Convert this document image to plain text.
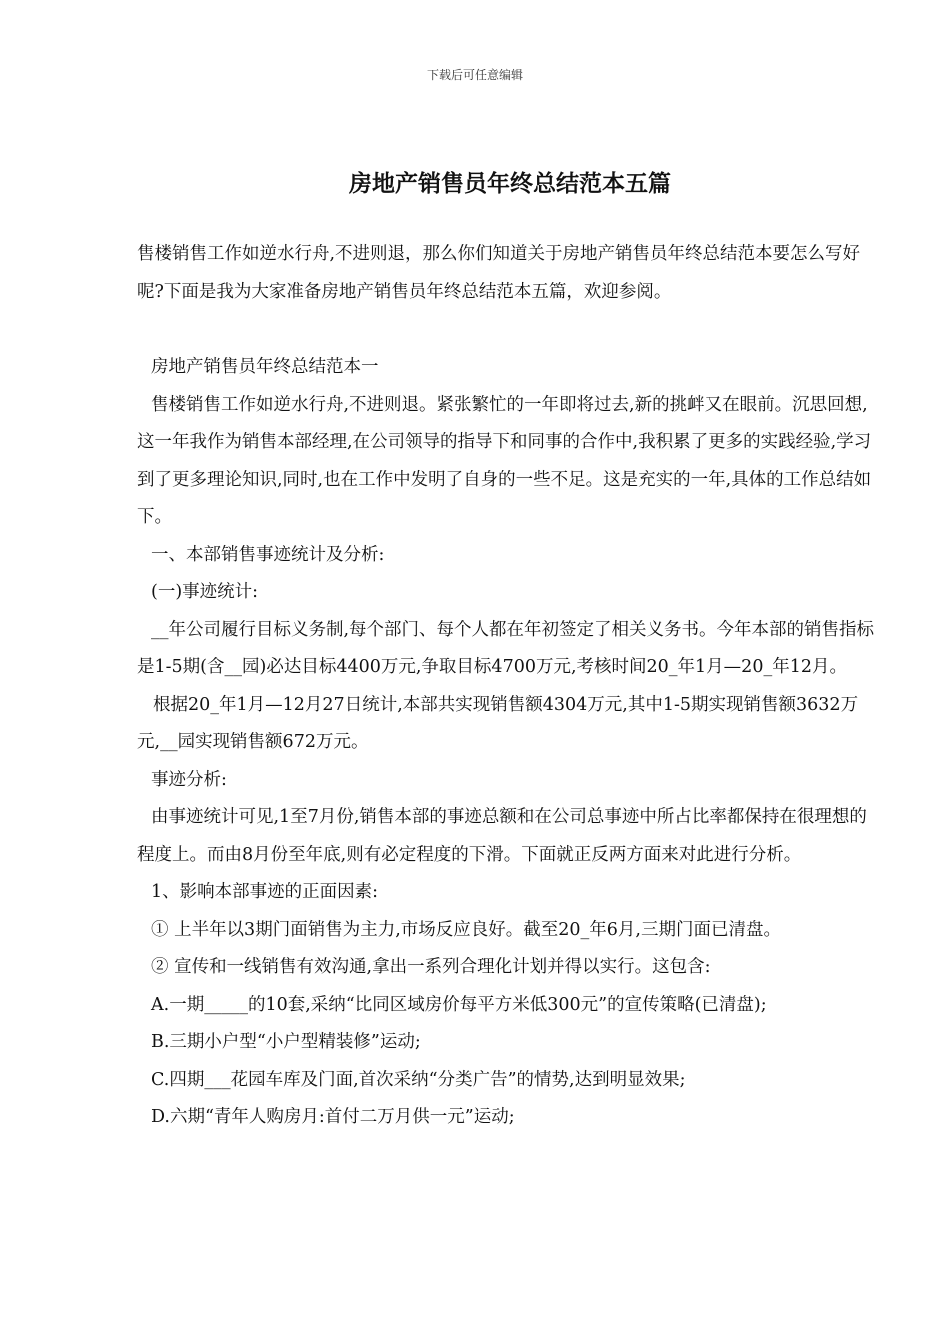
下载后可任意编辑
房地产销售员年终总结范本五篇

售楼销售工作如逆水行舟,不进则退，那么你们知道关于房地产销售员年终总结范本要怎么写好呢?下面是我为大家准备房地产销售员年终总结范本五篇，欢迎参阅。

房地产销售员年终总结范本一

售楼销售工作如逆水行舟,不进则退。紧张繁忙的一年即将过去,新的挑衅又在眼前。沉思回想,这一年我作为销售本部经理,在公司领导的指导下和同事的合作中,我积累了更多的实践经验,学习到了更多理论知识,同时,也在工作中发明了自身的一些不足。这是充实的一年,具体的工作总结如下。

一、本部销售事迹统计及分析:

(一)事迹统计:

__年公司履行目标义务制,每个部门、每个人都在年初签定了相关义务书。今年本部的销售指标是1-5期(含__园)必达目标4400万元,争取目标4700万元,考核时间20_年1月—20_年12月。

根据20_年1月—12月27日统计,本部共实现销售额4304万元,其中1-5期实现销售额3632万元,__园实现销售额672万元。

事迹分析:

由事迹统计可见,1至7月份,销售本部的事迹总额和在公司总事迹中所占比率都保持在很理想的程度上。而由8月份至年底,则有必定程度的下滑。下面就正反两方面来对此进行分析。

1、影响本部事迹的正面因素:

① 上半年以3期门面销售为主力,市场反应良好。截至20_年6月,三期门面已清盘。

② 宣传和一线销售有效沟通,拿出一系列合理化计划并得以实行。这包含:

A.一期_____的10套,采纳“比同区域房价每平方米低300元”的宣传策略(已清盘);

B.三期小户型“小户型精装修”运动;

C.四期___花园车库及门面,首次采纳“分类广告”的情势,达到明显效果;

D.六期“青年人购房月:首付二万月供一元”运动;
